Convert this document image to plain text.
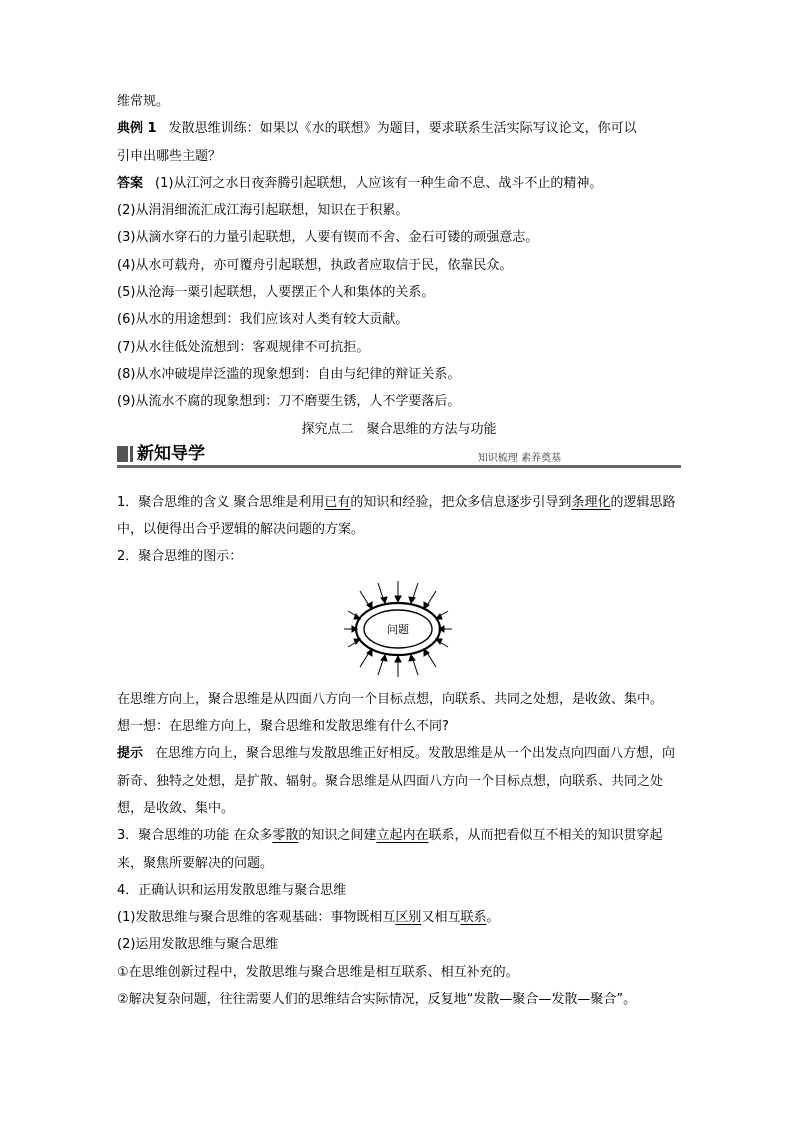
维常规。
典例 1 发散思维训练：如果以《水的联想》为题目，要求联系生活实际写议论文，你可以
引申出哪些主题？
答案 (1)从江河之水日夜奔腾引起联想，人应该有一种生命不息、战斗不止的精神。
(2)从涓涓细流汇成江海引起联想，知识在于积累。
(3)从滴水穿石的力量引起联想，人要有锲而不舍、金石可镂的顽强意志。
(4)从水可载舟，亦可覆舟引起联想，执政者应取信于民，依靠民众。
(5)从沧海一粟引起联想，人要摆正个人和集体的关系。
(6)从水的用途想到：我们应该对人类有较大贡献。
(7)从水往低处流想到：客观规律不可抗拒。
(8)从水冲破堤岸泛滥的现象想到：自由与纪律的辩证关系。
(9)从流水不腐的现象想到：刀不磨要生锈，人不学要落后。
探究点二　聚合思维的方法与功能
新知导学	知识梳理 素养奠基
1．聚合思维的含义 聚合思维是利用已有的知识和经验，把众多信息逐步引导到条理化的逻辑思路中，以便得出合乎逻辑的解决问题的方案。
2．聚合思维的图示：
问题
在思维方向上，聚合思维是从四面八方向一个目标点想，向联系、共同之处想，是收敛、集中。
想一想：在思维方向上，聚合思维和发散思维有什么不同?
提示 在思维方向上，聚合思维与发散思维正好相反。发散思维是从一个出发点向四面八方想，向新奇、独特之处想，是扩散、辐射。聚合思维是从四面八方向一个目标点想，向联系、共同之处想，是收敛、集中。
3．聚合思维的功能 在众多零散的知识之间建立起内在联系，从而把看似互不相关的知识贯穿起来，聚焦所要解决的问题。
4．正确认识和运用发散思维与聚合思维
(1)发散思维与聚合思维的客观基础：事物既相互区别又相互联系。
(2)运用发散思维与聚合思维
①在思维创新过程中，发散思维与聚合思维是相互联系、相互补充的。
②解决复杂问题，往往需要人们的思维结合实际情况，反复地“发散—聚合—发散—聚合”。
